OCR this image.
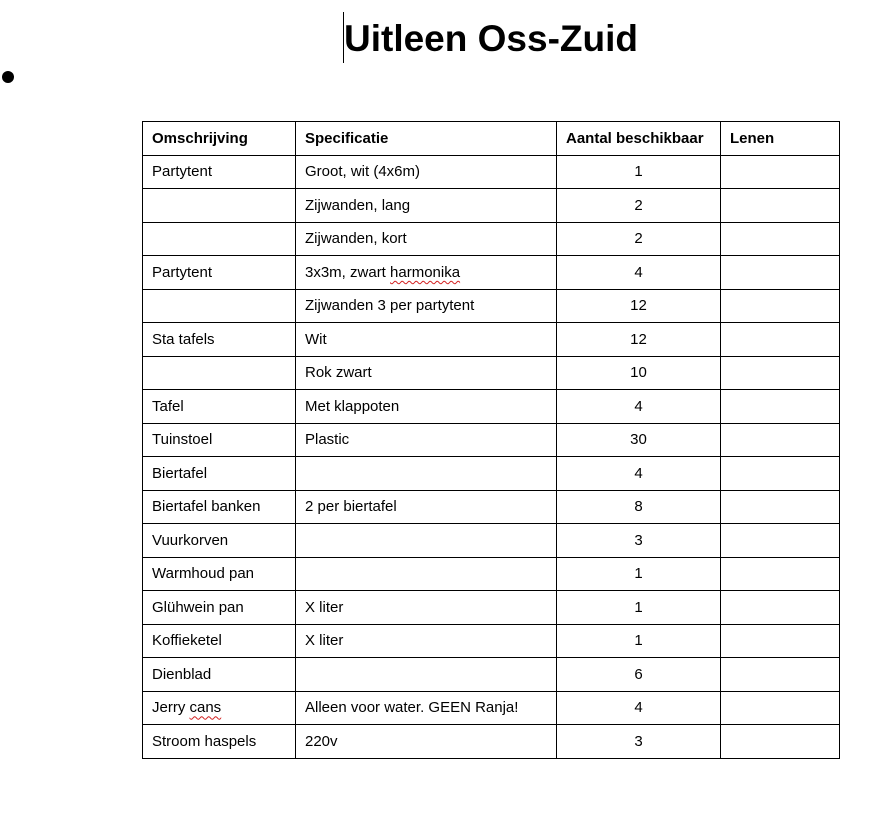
Uitleen Oss-Zuid
Omschrijving	Specificatie	Aantal beschikbaar	Lenen
Partytent	Groot, wit (4x6m)	1	
	Zijwanden, lang	2	
	Zijwanden, kort	2	
Partytent	3x3m, zwart harmonika	4	
	Zijwanden 3 per partytent	12	
Sta tafels	Wit	12	
	Rok zwart	10	
Tafel	Met klappoten	4	
Tuinstoel	Plastic	30	
Biertafel		4	
Biertafel banken	2 per biertafel	8	
Vuurkorven		3	
Warmhoud pan		1	
Glühwein pan	X liter	1	
Koffieketel	X liter	1	
Dienblad		6	
Jerry cans	Alleen voor water. GEEN Ranja!	4	
Stroom haspels	220v	3	
